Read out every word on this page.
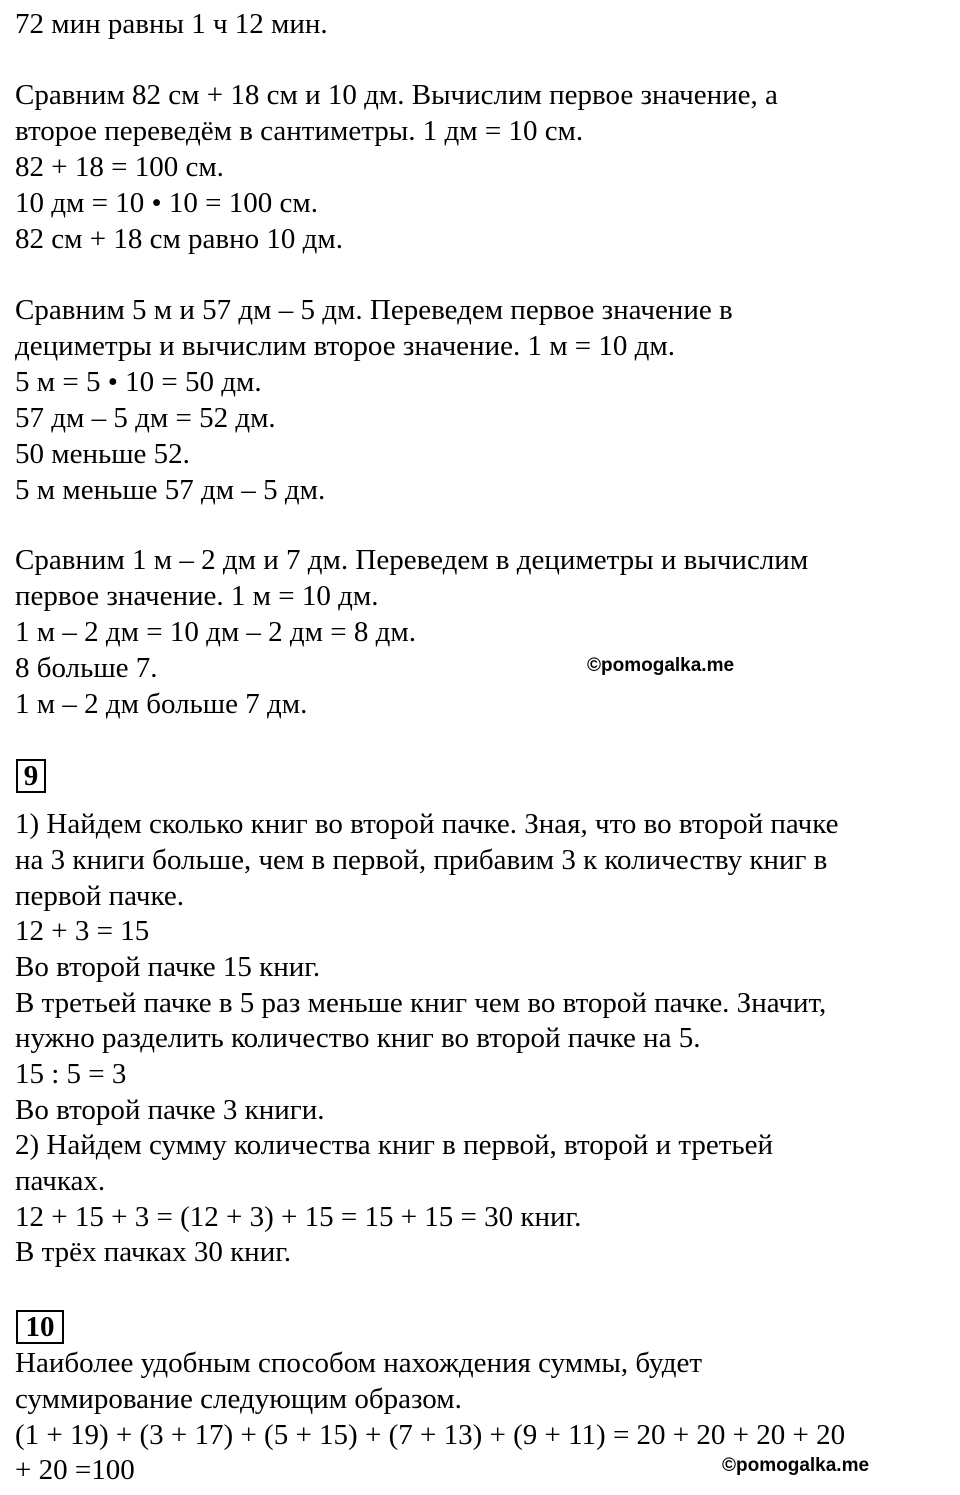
72 мин равны 1 ч 12 мин.
Сравним 82 см + 18 см и 10 дм. Вычислим первое значение, а
второе переведём в сантиметры. 1 дм = 10 см.
82 + 18 = 100 см.
10 дм = 10 • 10 = 100 см.
82 см + 18 см равно 10 дм.
Сравним 5 м и 57 дм – 5 дм. Переведем первое значение в
дециметры и вычислим второе значение. 1 м = 10 дм.
5 м = 5 • 10 = 50 дм.
57 дм – 5 дм = 52 дм.
50 меньше 52.
5 м меньше 57 дм – 5 дм.
Сравним 1 м – 2 дм и 7 дм. Переведем в дециметры и вычислим
первое значение. 1 м = 10 дм.
1 м – 2 дм = 10 дм – 2 дм = 8 дм.
8 больше 7.
1 м – 2 дм больше 7 дм.
©pomogalka.me
9
1) Найдем сколько книг во второй пачке. Зная, что во второй пачке
на 3 книги больше, чем в первой, прибавим 3 к количеству книг в
первой пачке.
12 + 3 = 15
Во второй пачке 15 книг.
В третьей пачке в 5 раз меньше книг чем во второй пачке. Значит,
нужно разделить количество книг во второй пачке на 5.
15 : 5 = 3
Во второй пачке 3 книги.
2) Найдем сумму количества книг в первой, второй и третьей
пачках.
12 + 15 + 3 = (12 + 3) + 15 = 15 + 15 = 30 книг.
В трёх пачках 30 книг.
10
Наиболее удобным способом нахождения суммы, будет
суммирование следующим образом.
(1 + 19) + (3 + 17) + (5 + 15) + (7 + 13) + (9 + 11) = 20 + 20 + 20 + 20
+ 20 =100	©pomogalka.me
